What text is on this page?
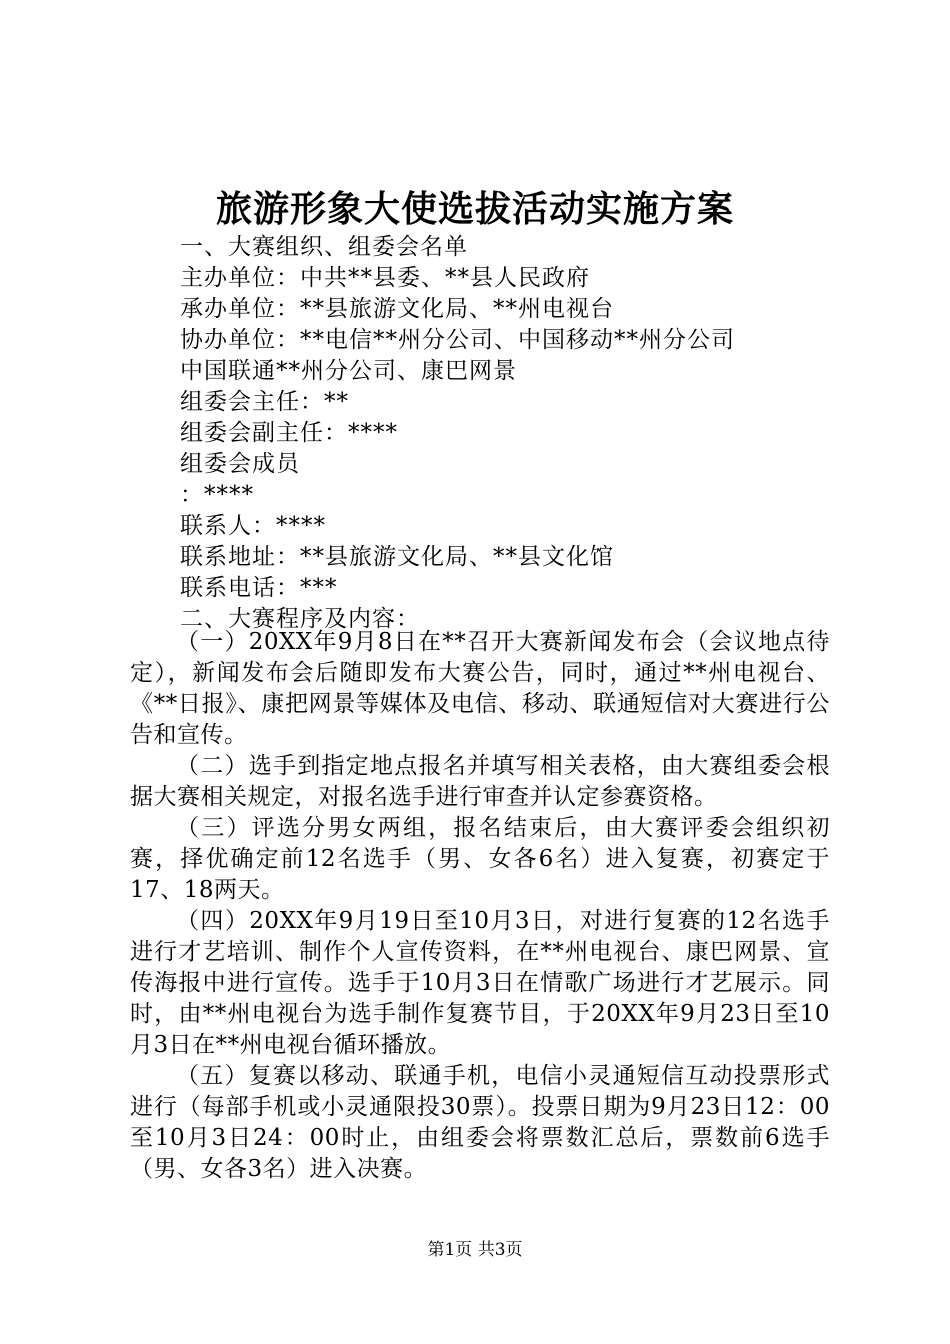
旅游形象大使选拔活动实施方案
一、大赛组织、组委会名单
主办单位：中共**县委、**县人民政府
承办单位：**县旅游文化局、**州电视台
协办单位：**电信**州分公司、中国移动**州分公司
中国联通**州分公司、康巴网景
组委会主任：**
组委会副主任：****
组委会成员
：****
联系人：****
联系地址：**县旅游文化局、**县文化馆
联系电话：***
二、大赛程序及内容：

（一）20XX年9月8日在**召开大赛新闻发布会（会议地点待定），新闻发布会后随即发布大赛公告，同时，通过**州电视台、《**日报》、康把网景等媒体及电信、移动、联通短信对大赛进行公告和宣传。

（二）选手到指定地点报名并填写相关表格，由大赛组委会根据大赛相关规定，对报名选手进行审查并认定参赛资格。

（三）评选分男女两组，报名结束后，由大赛评委会组织初赛，择优确定前12名选手（男、女各6名）进入复赛，初赛定于17、18两天。

（四）20XX年9月19日至10月3日，对进行复赛的12名选手进行才艺培训、制作个人宣传资料，在**州电视台、康巴网景、宣传海报中进行宣传。选手于10月3日在情歌广场进行才艺展示。同时，由**州电视台为选手制作复赛节目，于20XX年9月23日至10月3日在**州电视台循环播放。

（五）复赛以移动、联通手机，电信小灵通短信互动投票形式进行（每部手机或小灵通限投30票）。投票日期为9月23日12：00至10月3日24：00时止，由组委会将票数汇总后，票数前6选手（男、女各3名）进入决赛。

第1页 共3页
